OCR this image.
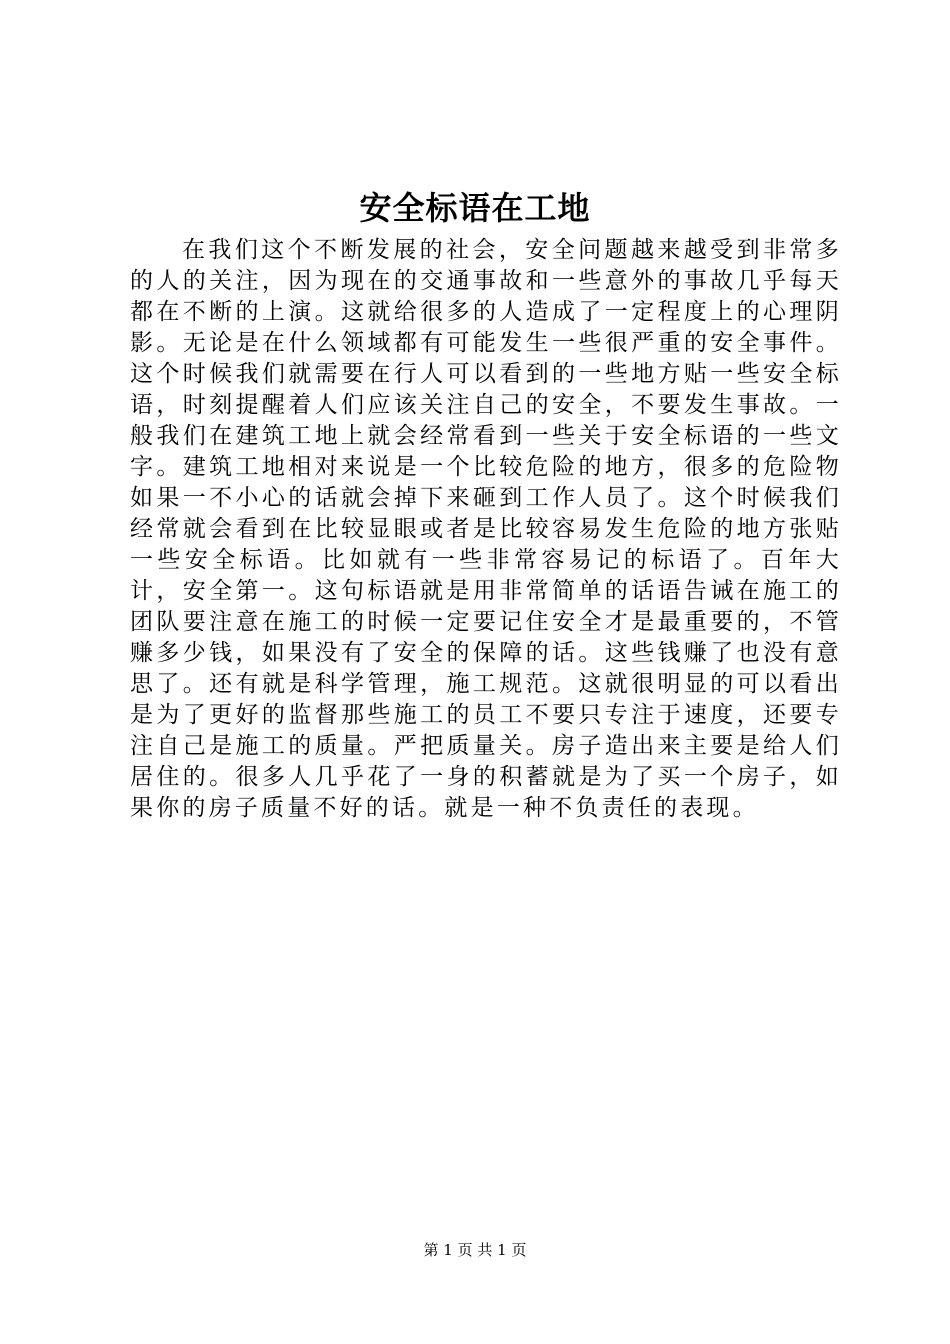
安全标语在工地

在我们这个不断发展的社会，安全问题越来越受到非常多的人的关注，因为现在的交通事故和一些意外的事故几乎每天都在不断的上演。这就给很多的人造成了一定程度上的心理阴影。无论是在什么领域都有可能发生一些很严重的安全事件。这个时候我们就需要在行人可以看到的一些地方贴一些安全标语，时刻提醒着人们应该关注自己的安全，不要发生事故。一般我们在建筑工地上就会经常看到一些关于安全标语的一些文字。建筑工地相对来说是一个比较危险的地方，很多的危险物如果一不小心的话就会掉下来砸到工作人员了。这个时候我们经常就会看到在比较显眼或者是比较容易发生危险的地方张贴一些安全标语。比如就有一些非常容易记的标语了。百年大计，安全第一。这句标语就是用非常简单的话语告诫在施工的团队要注意在施工的时候一定要记住安全才是最重要的，不管赚多少钱，如果没有了安全的保障的话。这些钱赚了也没有意思了。还有就是科学管理，施工规范。这就很明显的可以看出是为了更好的监督那些施工的员工不要只专注于速度，还要专注自己是施工的质量。严把质量关。房子造出来主要是给人们居住的。很多人几乎花了一身的积蓄就是为了买一个房子，如果你的房子质量不好的话。就是一种不负责任的表现。

第 1 页 共 1 页
